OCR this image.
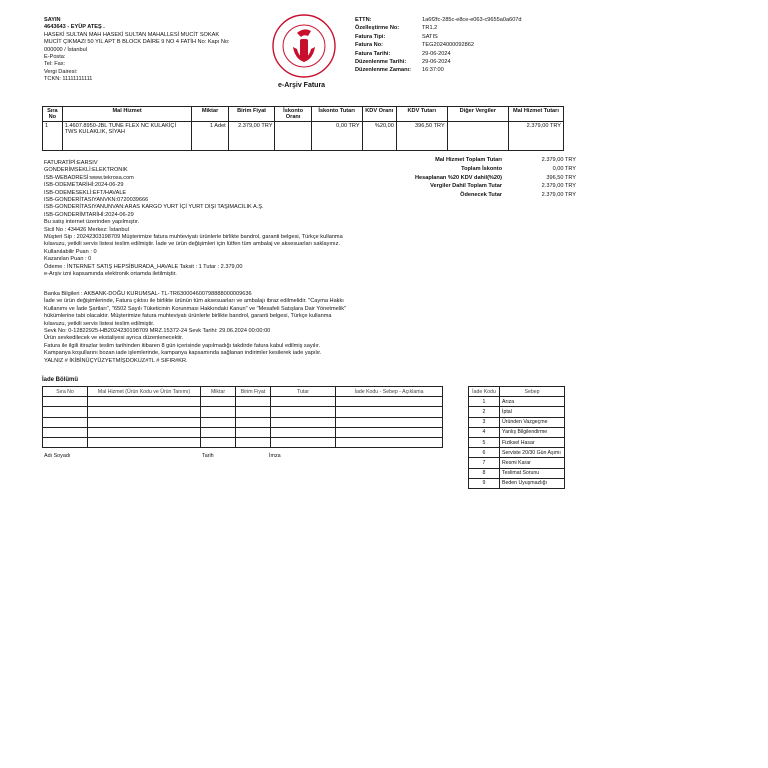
SAYIN
4643643 - EYÜP ATEŞ .
HASEKİ SULTAN MAH HASEKİ SULTAN MAHALLESİ MUCİT SOKAK
MUCİT ÇIKMAZI 50 YIL APT B BLOCK DAİRE 9 NO 4 FATİH No: Kapı No:
000000 / İstanbul
E-Posta:
Tel: Fax:
Vergi Dairesi:
TCKN: 11111111111
e-Arşiv Fatura
ETTN:	1a6f2fc-285c-e8ce-e063-c9655a0a607d
Özelleştirme No:	TR1.2
Fatura Tipi:	SATIS
Fatura No:	TEG2024000092862
Fatura Tarihi:	29-06-2024
Düzenlenme Tarihi:	29-06-2024
Düzenlenme Zamanı:	16:37:00
Sıra No	Mal Hizmet	Miktar	Birim Fiyat	İskonto Oranı	İskonto Tutarı	KDV Oranı	KDV Tutarı	Diğer Vergiler	Mal Hizmet Tutarı
1	1.4607.8950-JBL TUNE FLEX NC KULAKİÇİ TWS KULAKLIK, SİYAH	1 Adet	2.379,00 TRY		0,00 TRY	%20,00	396,50 TRY		2.379,00 TRY
Mal Hizmet Toplam Tutarı	2.379,00 TRY
Toplam İskonto	0,00 TRY
Hesaplanan %20 KDV dahil(%20)	396,50 TRY
Vergiler Dahil Toplam Tutar	2.379,00 TRY
Ödenecek Tutar	2.379,00 TRY
FATURATİPİ:EARSIV
GONDERİMSEKLİ:ELEKTRONIK
ISB-WEBADRESİ:www.tekrosa.com
ISB-ODEMETARİHİ:2024-06-29
ISB-ODEMESEKLİ:EFT/HAVALE
ISB-GONDERİTASIYANVKN:0720039666
ISB-GONDERİTASIYANUNVAN:ARAS KARGO YURT İÇİ YURT DIŞI TAŞIMACILIK A.Ş.
ISB-GONDERİMTARİHİ:2024-06-29
Bu satış internet üzerinden yapılmıştır.
Sicil No : 434426 Merkez: İstanbul
Müşteri Sip : 20242303198709 Müşterimize fatura muhteviyatı ürünlerle birlikte bandrol, garanti belgesi, Türkçe kullanma
kılavuzu, yetkili servis listesi teslim edilmiştir. İade ve ürün değişimleri için lütfen tüm ambalaj ve aksesuarları saklayınız.
Kullanılabilir Puan : 0
Kazanılan Puan : 0
Ödeme : İNTERNET SATIŞ HEPSİBURADA_HAVALE Taksit : 1 Tutar : 2.379,00
e-Arşiv izni kapsamında elektronik ortamda iletilmiştir.
Banka Bilgileri : AKBANK-DOĞU KURUMSAL- TL-TR630004600798888000009636
İade ve ürün değişimlerinde, Fatura çıktısı ile birlikte ürünün tüm aksesuarları ve ambalajı ibraz edilmelidir. "Cayma Hakkı
Kullanımı ve İade Şartları", "6502 Sayılı Tüketicinin Korunması Hakkındaki Kanun" ve "Mesafeli Satışlara Dair Yönetmelik"
hükümlerine tabi olacaktır. Müşterimize fatura muhteviyatı ürünlerle birlikte bandrol, garanti belgesi, Türkçe kullanma
kılavuzu, yetkili servis listesi teslim edilmiştir.
Sevk No: 0-12822925-HB2024230198709 MRZ.15372-24 Sevk Tarihi: 29.06.2024 00:00:00
Ürün sevkedilecek ve ekstaliyesi ayrıca düzenlenecektir.
Fatura ile ilgili itirazlar teslim tarihinden itibaren 8 gün içerisinde yapılmadığı takdirde fatura kabul edilmiş sayılır.
Kampanya koşullarını bozan iade işlemlerinde, kampanya kapsamında sağlanan indirimler kesilerek iade yapılır.
YALNIZ # İKİBİNÜÇYÜZYETMİŞDOKUZ#TL # SIFIR#KR.
İade Bölümü
Sıra No	Mal Hizmet (Ürün Kodu ve Ürün Tanımı)	Miktar	Birim Fiyat	Tutar	İade Kodu - Sebep - Açıklama

Adı Soyadı	Tarih	İmza
İade Kodu	Sebep
1	Arıza
2	İptal
3	Üründen Vazgeçme
4	Yanlış Bilgilendirme
5	Fiziksel Hasar
6	Serviste 20/30 Gün Aşımı
7	Resmi Karar
8	Teslimat Sorunu
9	Beden Uyuşmazlığı
